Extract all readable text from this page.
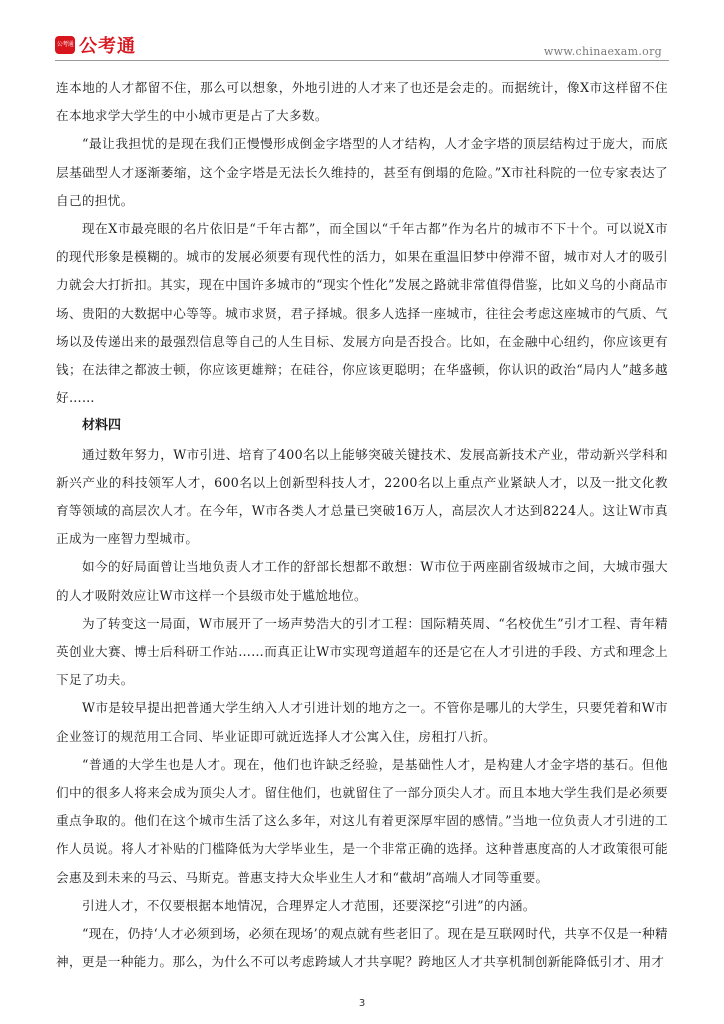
公考通 公考通	www.chinaexam.org

连本地的人才都留不住，那么可以想象，外地引进的人才来了也还是会走的。而据统计，像X市这样留不住在本地求学大学生的中小城市更是占了大多数。

“最让我担忧的是现在我们正慢慢形成倒金字塔型的人才结构，人才金字塔的顶层结构过于庞大，而底层基础型人才逐渐萎缩，这个金字塔是无法长久维持的，甚至有倒塌的危险。”X市社科院的一位专家表达了自己的担忧。

现在X市最亮眼的名片依旧是“千年古都”，而全国以“千年古都”作为名片的城市不下十个。可以说X市的现代形象是模糊的。城市的发展必须要有现代性的活力，如果在重温旧梦中停滞不留，城市对人才的吸引力就会大打折扣。其实，现在中国许多城市的“现实个性化”发展之路就非常值得借鉴，比如义乌的小商品市场、贵阳的大数据中心等等。城市求贤，君子择城。很多人选择一座城市，往往会考虑这座城市的气质、气场以及传递出来的最强烈信息等自己的人生目标、发展方向是否投合。比如，在金融中心纽约，你应该更有钱；在法律之都波士顿，你应该更雄辩；在硅谷，你应该更聪明；在华盛顿，你认识的政治“局内人”越多越好……

材料四

通过数年努力，W市引进、培育了400名以上能够突破关键技术、发展高新技术产业，带动新兴学科和新兴产业的科技领军人才，600名以上创新型科技人才，2200名以上重点产业紧缺人才，以及一批文化教育等领域的高层次人才。在今年，W市各类人才总量已突破16万人，高层次人才达到8224人。这让W市真正成为一座智力型城市。

如今的好局面曾让当地负责人才工作的舒部长想都不敢想：W市位于两座副省级城市之间，大城市强大的人才吸附效应让W市这样一个县级市处于尴尬地位。

为了转变这一局面，W市展开了一场声势浩大的引才工程：国际精英周、“名校优生”引才工程、青年精英创业大赛、博士后科研工作站……而真正让W市实现弯道超车的还是它在人才引进的手段、方式和理念上下足了功夫。

W市是较早提出把普通大学生纳入人才引进计划的地方之一。不管你是哪儿的大学生，只要凭着和W市企业签订的规范用工合同、毕业证即可就近选择人才公寓入住，房租打八折。

“普通的大学生也是人才。现在，他们也许缺乏经验，是基础性人才，是构建人才金字塔的基石。但他们中的很多人将来会成为顶尖人才。留住他们，也就留住了一部分顶尖人才。而且本地大学生我们是必须要重点争取的。他们在这个城市生活了这么多年，对这儿有着更深厚牢固的感情。”当地一位负责人才引进的工作人员说。将人才补贴的门槛降低为大学毕业生，是一个非常正确的选择。这种普惠度高的人才政策很可能会惠及到未来的马云、马斯克。普惠支持大众毕业生人才和“截胡”高端人才同等重要。

引进人才，不仅要根据本地情况，合理界定人才范围，还要深挖“引进”的内涵。

“现在，仍持‘人才必须到场，必须在现场’的观点就有些老旧了。现在是互联网时代，共享不仅是一种精神，更是一种能力。那么，为什么不可以考虑跨域人才共享呢？跨地区人才共享机制创新能降低引才、用才

3
